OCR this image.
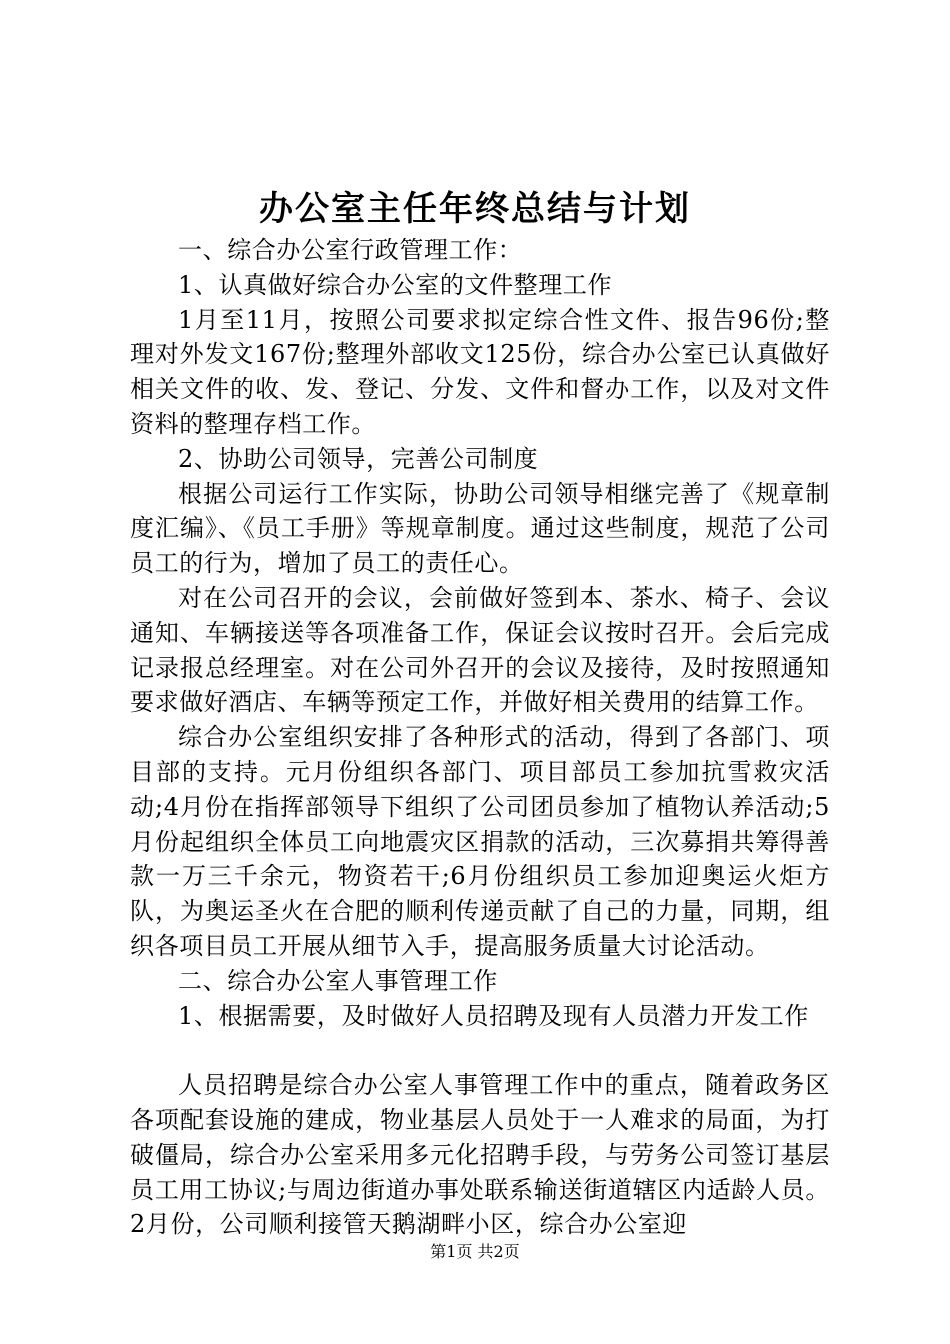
办公室主任年终总结与计划

一、综合办公室行政管理工作：

1、认真做好综合办公室的文件整理工作

1月至11月，按照公司要求拟定综合性文件、报告96份;整理对外发文167份;整理外部收文125份，综合办公室已认真做好相关文件的收、发、登记、分发、文件和督办工作，以及对文件资料的整理存档工作。

2、协助公司领导，完善公司制度

根据公司运行工作实际，协助公司领导相继完善了《规章制度汇编》、《员工手册》等规章制度。通过这些制度，规范了公司员工的行为，增加了员工的责任心。

对在公司召开的会议，会前做好签到本、茶水、椅子、会议通知、车辆接送等各项准备工作，保证会议按时召开。会后完成记录报总经理室。对在公司外召开的会议及接待，及时按照通知要求做好酒店、车辆等预定工作，并做好相关费用的结算工作。

综合办公室组织安排了各种形式的活动，得到了各部门、项目部的支持。元月份组织各部门、项目部员工参加抗雪救灾活动;4月份在指挥部领导下组织了公司团员参加了植物认养活动;5月份起组织全体员工向地震灾区捐款的活动，三次募捐共筹得善款一万三千余元，物资若干;6月份组织员工参加迎奥运火炬方队，为奥运圣火在合肥的顺利传递贡献了自己的力量，同期，组织各项目员工开展从细节入手，提高服务质量大讨论活动。

二、综合办公室人事管理工作

1、根据需要，及时做好人员招聘及现有人员潜力开发工作

人员招聘是综合办公室人事管理工作中的重点，随着政务区各项配套设施的建成，物业基层人员处于一人难求的局面，为打破僵局，综合办公室采用多元化招聘手段，与劳务公司签订基层员工用工协议;与周边街道办事处联系输送街道辖区内适龄人员。2月份，公司顺利接管天鹅湖畔小区，综合办公室迎

第1页 共2页
